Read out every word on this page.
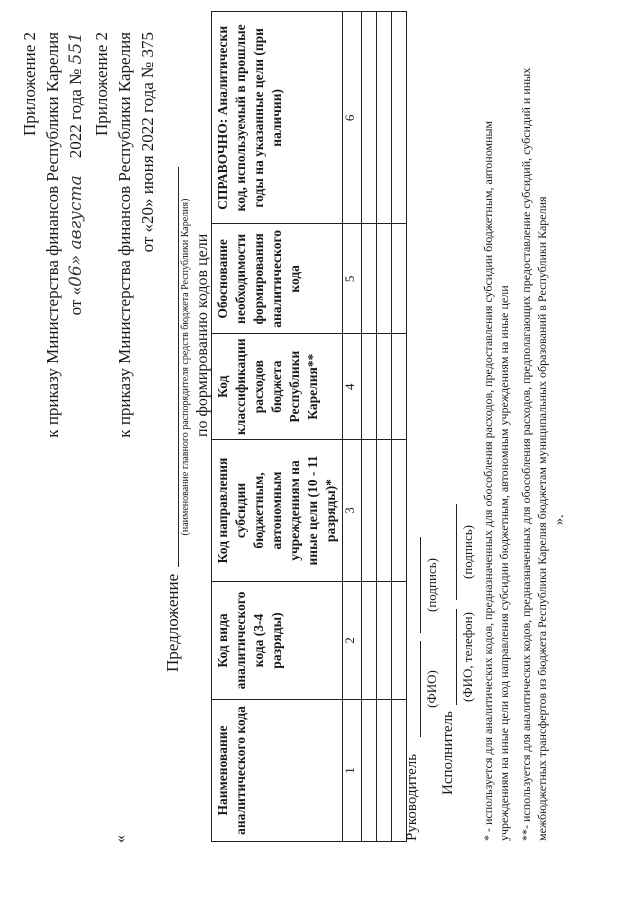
Приложение 2 к приказу Министерства финансов Республики Карелия от «06» августа    2022 года № 551 Приложение 2 к приказу Министерства финансов Республики Карелия от «20» июня 2022 года № 375
«
Предложение
(наименование главного распорядителя средств бюджета Республики Карелия) по формированию кодов цели
Наименование аналитического кода	Код вида аналитического кода (3-4 разряды)	Код направления субсидии бюджетным, автономным учреждениям на иные цели (10 - 11 разряды)*	Код классификации расходов бюджета Республики Карелия**	Обоснование необходимости формирования аналитического кода	СПРАВОЧНО: Аналитически код, используемый в прошлые годы на указанные цели (при наличии)
1	2	3	4	5	6

Руководитель
(ФИО)
(подпись)
Исполнитель
(ФИО, телефон)
(подпись) * - используется для аналитических кодов, предназначенных для обособления расходов, предоставления субсидии бюджетным, автономным учреждениям на иные цели код направления субсидии бюджетным, автономным учреждениям на иные цели **- используется для аналитических кодов, предназначенных для обособления расходов, предполагающих предоставление субсидий, субсидий и иных межбюджетных трансфертов из бюджета Республики Карелия бюджетам муниципальных образований в Республики Карелия ».
